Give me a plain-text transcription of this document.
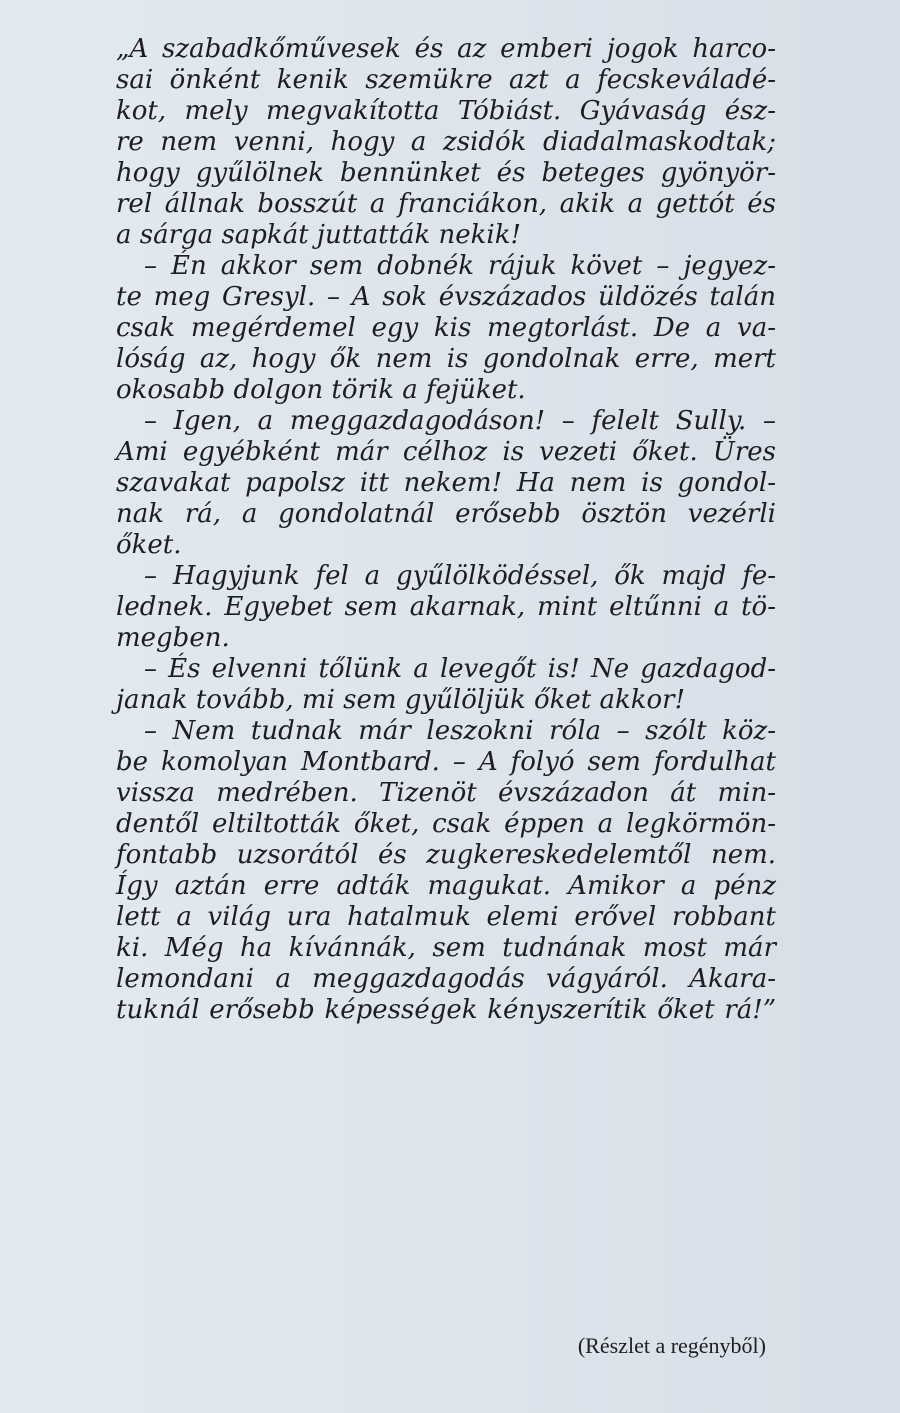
„A szabadkőművesek és az emberi jogok harco-
sai önként kenik szemükre azt a fecskeváladé-
kot, mely megvakította Tóbiást. Gyávaság ész-
re nem venni, hogy a zsidók diadalmaskodtak;
hogy gyűlölnek bennünket és beteges gyönyör-
rel állnak bosszút a franciákon, akik a gettót és
a sárga sapkát juttatták nekik!
– Én akkor sem dobnék rájuk követ – jegyez-
te meg Gresyl. – A sok évszázados üldözés talán
csak megérdemel egy kis megtorlást. De a va-
lóság az, hogy ők nem is gondolnak erre, mert
okosabb dolgon törik a fejüket.
– Igen, a meggazdagodáson! – felelt Sully. –
Ami egyébként már célhoz is vezeti őket. Üres
szavakat papolsz itt nekem! Ha nem is gondol-
nak rá, a gondolatnál erősebb ösztön vezérli
őket.
– Hagyjunk fel a gyűlölködéssel, ők majd fe-
lednek. Egyebet sem akarnak, mint eltűnni a tö-
megben.
– És elvenni tőlünk a levegőt is! Ne gazdagod-
janak tovább, mi sem gyűlöljük őket akkor!
– Nem tudnak már leszokni róla – szólt köz-
be komolyan Montbard. – A folyó sem fordulhat
vissza medrében. Tizenöt évszázadon át min-
dentől eltiltották őket, csak éppen a legkörmön-
fontabb uzsorától és zugkereskedelemtől nem.
Így aztán erre adták magukat. Amikor a pénz
lett a világ ura hatalmuk elemi erővel robbant
ki. Még ha kívánnák, sem tudnának most már
lemondani a meggazdagodás vágyáról. Akara-
tuknál erősebb képességek kényszerítik őket rá!”
(Részlet a regényből)
